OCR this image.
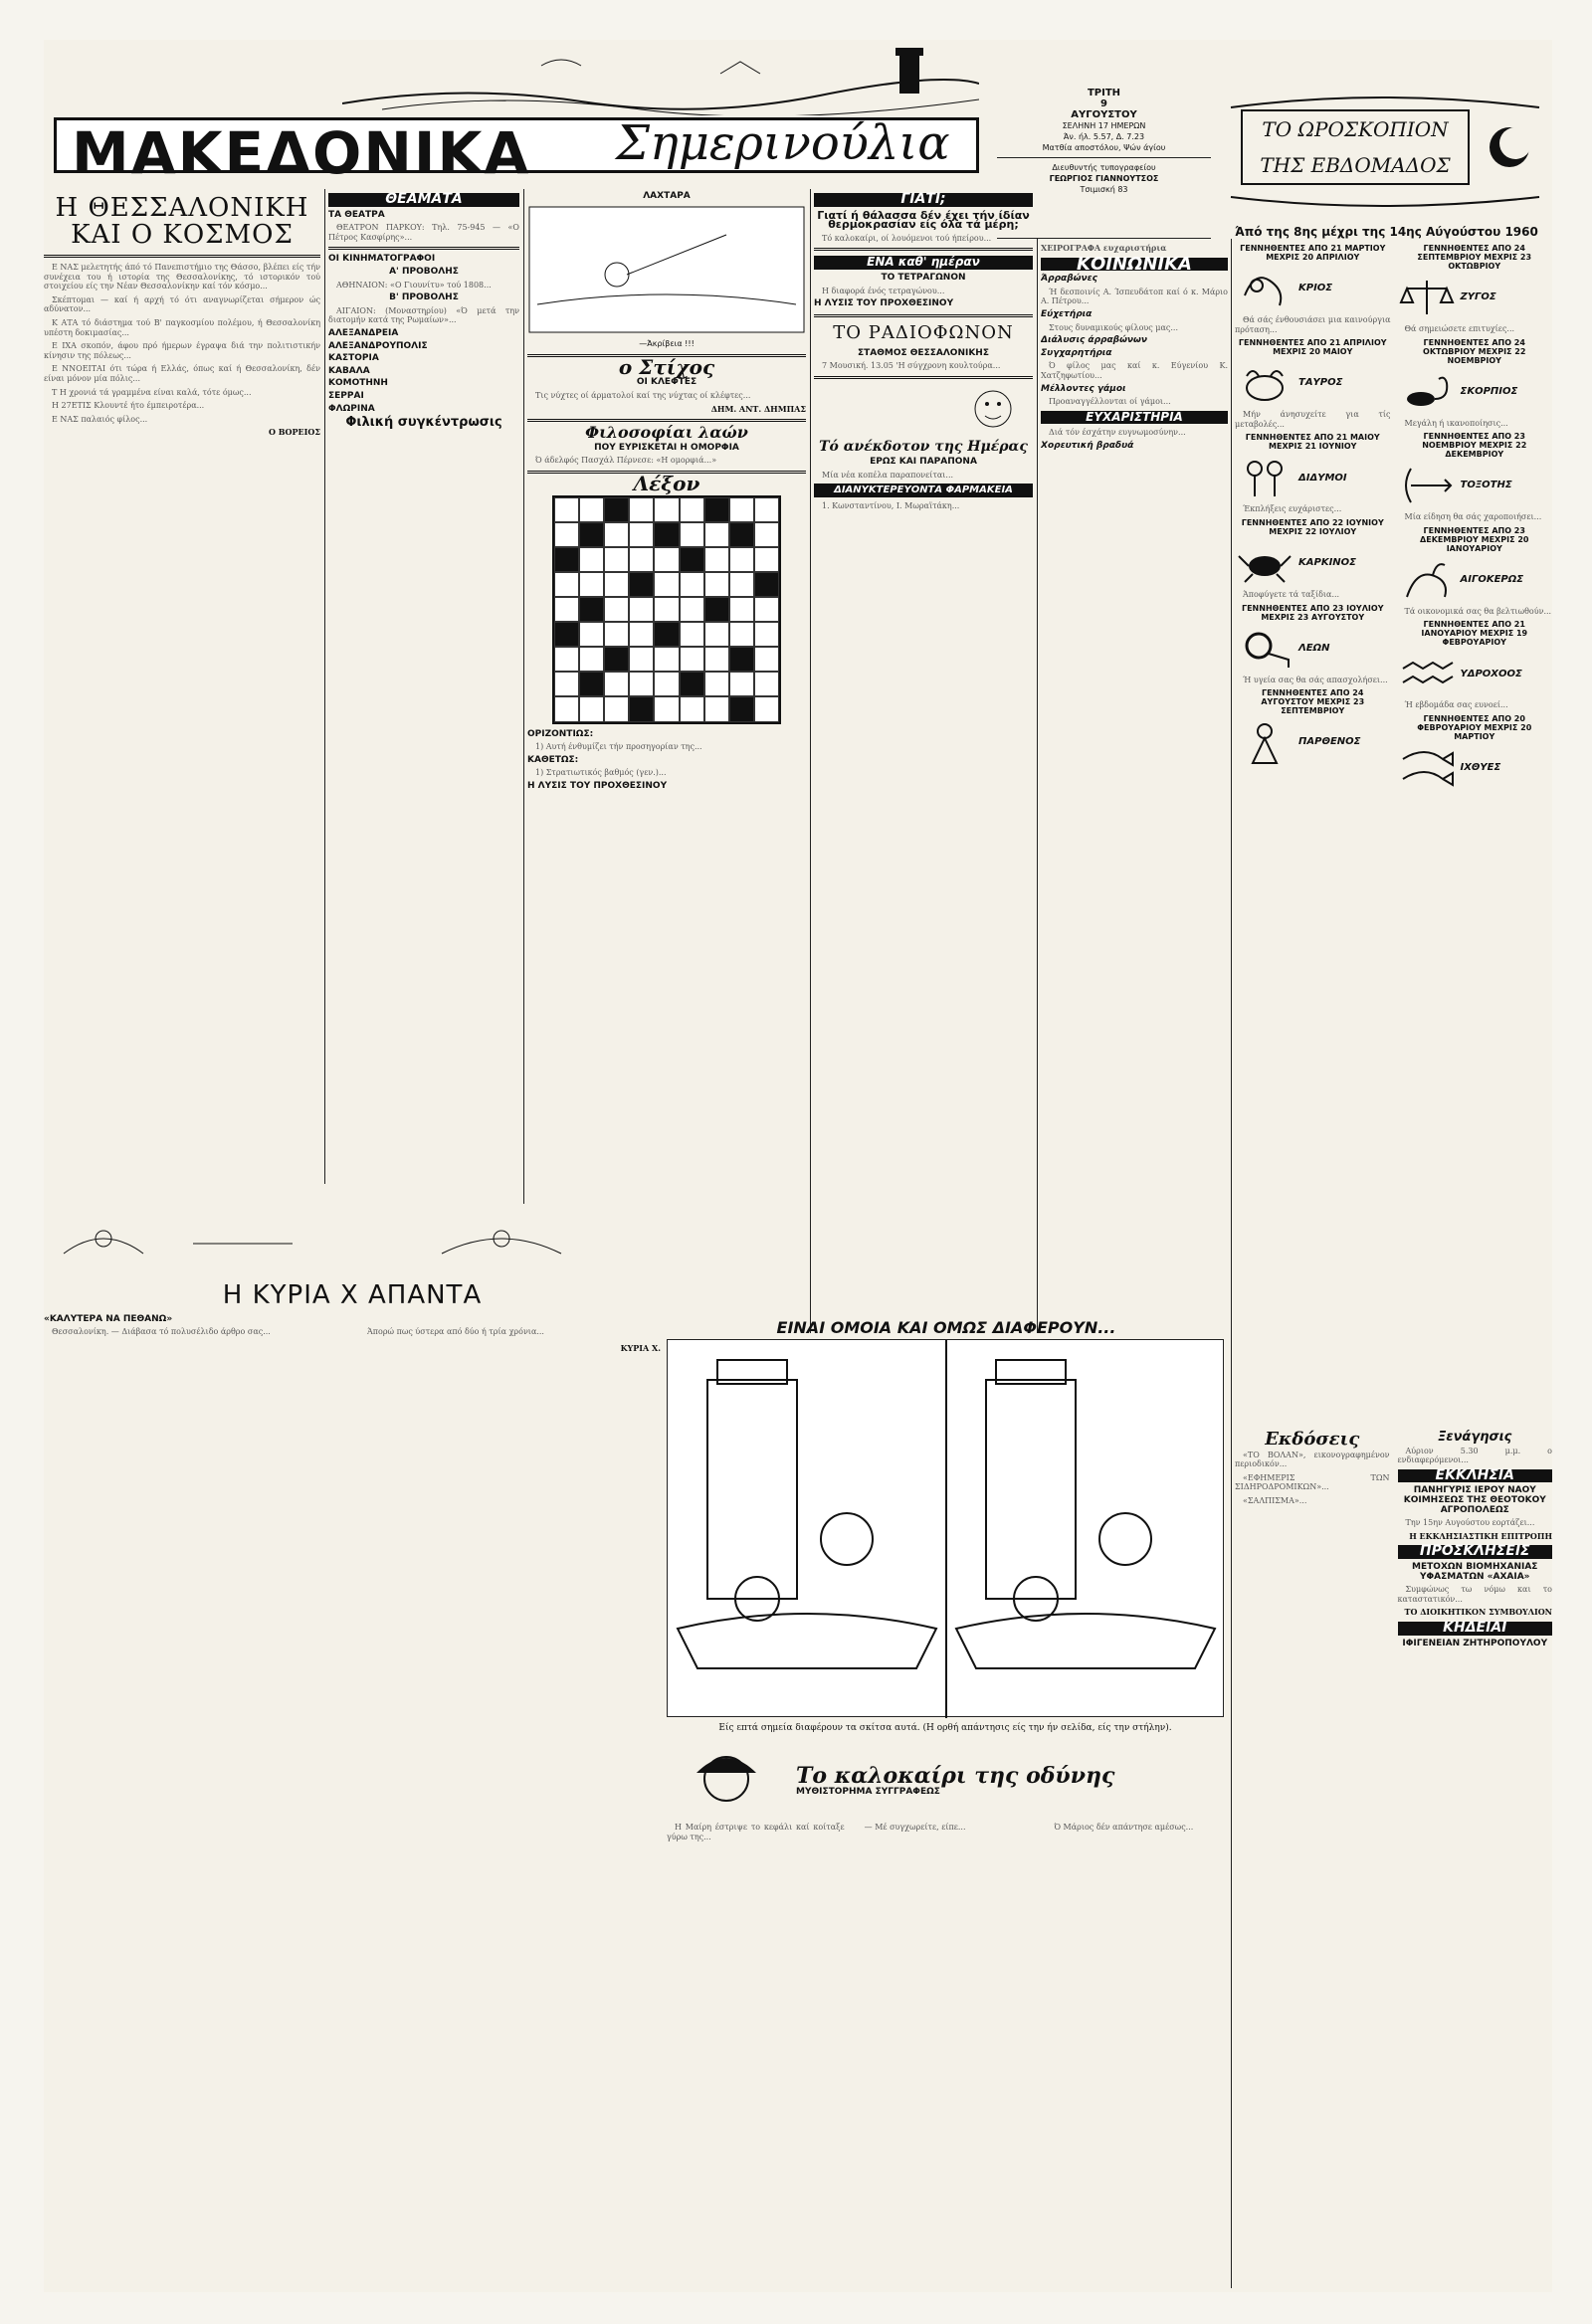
ΜΑΚΕΔΟΝΙΚΑ Σημερινούλια
ΤΡΙΤΗ
9
ΑΥΓΟΥΣΤΟΥ
ΣΕΛΗΝΗ 17 ΗΜΕΡΩΝ
Άν. ήλ. 5.57, Δ. 7.23
Ματθία αποστόλου, Ψών άγίου
Διευθυντής τυπογραφείου
ΓΕΩΡΓΙΟΣ ΓΙΑΝΝΟΥΤΣΟΣ
Τσιμισκή 83
ΤΟ ΩΡΟΣΚΟΠΙΟΝ
ΤΗΣ ΕΒΔΟΜΑΔΟΣ
Άπό της 8ης μέχρι της 14ης Αύγούστου 1960
Η ΘΕΣΣΑΛΟΝΙΚΗ ΚΑΙ Ο ΚΟΣΜΟΣ

Ε ΝΑΣ μελετητής άπό τό Πανεπιστήμιο της Θάσσο, βλέπει είς τήν συνέχεια του ή ιστορία της Θεσσαλονίκης, τό ιστορικόν τού στοιχείου είς την Νέαν Θεσσαλονίκην καί τόν κόσμο...

Σκέπτομαι — καί ή αρχή τό ότι αναγνωρίζεται σήμερον ώς αδύνατον...

Κ ΑΤΑ τό διάστημα τού Β' παγκοσμίου πολέμου, ή Θεσσαλονίκη υπέστη δοκιμασίας...

Ε ΙΧΑ σκοπόν, άφου πρό ήμερων έγραψα διά την πολιτιστικήν κίνησιν της πόλεως...

Ε ΝΝΟΕΙΤΑΙ ότι τώρα ή Ελλάς, όπως καί ή Θεσσαλονίκη, δέν είναι μόνον μία πόλις...

Τ Η χρονιά τά γραμμένα είναι καλά, τότε όμως...

Η 27ΕΤΙΣ Κλουντέ ήτο έμπειροτέρα...

Ε ΝΑΣ παλαιός φίλος...

Ο ΒΟΡΕΙΟΣ
Η ΚΥΡΙΑ Χ ΑΠΑΝΤΑ
«ΚΑΛΥΤΕΡΑ ΝΑ ΠΕΘΑΝΩ»

Θεσσαλονίκη. — Διάβασα τό πολυσέλιδο άρθρο σας...	Άπορώ πως ύστερα από δύο ή τρία χρόνια...

ΚΥΡΙΑ Χ.
ΘΕΑΜΑΤΑ
ΤΑ ΘΕΑΤΡΑ

ΘΕΑΤΡΟΝ ΠΑΡΚΟΥ: Τηλ. 75-945 — «Ο Πέτρος Κασφίρης»...

ΟΙ ΚΙΝΗΜΑΤΟΓΡΑΦΟΙ
Α' ΠΡΟΒΟΛΗΣ

ΑΘΗΝΑΙΟΝ: «Ο Γιουνίτυ» τού 1808...

Β' ΠΡΟΒΟΛΗΣ

ΑΙΓΑΙΟΝ: (Μοναστηρίου) «Ό μετά την διατομήν κατά της Ρωμαίων»...

ΑΛΕΞΑΝΔΡΕΙΑ
ΑΛΕΞΑΝΔΡΟΥΠΟΛΙΣ
ΚΑΣΤΟΡΙΑ
ΚΑΒΑΛΑ
ΚΟΜΟΤΗΝΗ
ΣΕΡΡΑΙ
ΦΛΩΡΙΝΑ
Φιλική συγκέντρωσις
ΛΑΧΤΑΡΑ
—Άκρίβεια !!!
ο Στίχος
ΟΙ ΚΛΕΦΤΕΣ

Τις νύχτες οί άρματολοί καί της νύχτας οί κλέφτες...

ΔΗΜ. ΑΝΤ. ΔΗΜΠΑΣ
Φιλοσοφίαι λαών
ΠΟΥ ΕΥΡΙΣΚΕΤΑΙ Η ΟΜΟΡΦΙΑ

Ό άδελφός Πασχάλ Πέρνεσε: «Η ομορφιά...»

Λέξον
ΟΡΙΖΟΝΤΙΩΣ:

1) Αυτή ένθυμίζει τήν προσηγορίαν της...

ΚΑΘΕΤΩΣ:

1) Στρατιωτικός βαθμός (γεν.)...

Η ΛΥΣΙΣ ΤΟΥ ΠΡΟΧΘΕΣΙΝΟΥ
ΓΙΑΤΙ;
Γιατί ή θάλασσα δέν έχει τήν ίδίαν θερμοκρασίαν είς όλα τά μέρη;

Τό καλοκαίρι, οί λουόμενοι τού ήπείρου...

ΕΝΑ καθ' ημέραν
ΤΟ ΤΕΤΡΑΓΩΝΟΝ

Η διαφορά ένός τετραγώνου...

Η ΛΥΣΙΣ ΤΟΥ ΠΡΟΧΘΕΣΙΝΟΥ
ΤΟ ΡΑΔΙΟΦΩΝΟΝ
ΣΤΑΘΜΟΣ ΘΕΣΣΑΛΟΝΙΚΗΣ

7 Μουσική. 13.05 'Η σύγχρονη κουλτούρα...

Τό ανέκδοτον της Ημέρας
ΕΡΩΣ ΚΑΙ ΠΑΡΑΠΟΝΑ

Μία νέα κοπέλα παραπονείται...

ΔΙΑΝΥΚΤΕΡΕΥΟΝΤΑ ΦΑΡΜΑΚΕΙΑ

1. Κωνσταντίνου, Ι. Μωραϊτάκη...

ΧΕΙΡΟΓΡΑΦΑ ευχαριστήρια
ΚΟΙΝΩΝΙΚΑ
Άρραβώνες

Ή δεσποινίς Α. Ίσπευδάτοπ καί ό κ. Μάριο Α. Πέτρου...

Εύχετήρια

Στους δυναμικούς φίλους μας...

Διάλυσις άρραβώνων
Συγχαρητήρια

Ό φίλος μας καί κ. Εύγενίου Κ. Χατζηφωτίου...

Μέλλοντες γάμοι

Προαναγγέλλονται οί γάμοι...

ΕΥΧΑΡΙΣΤΗΡΙΑ

Διά τόν έσχάτην ευγνωμοσύνην...

Χορευτική βραδυά
ΓΕΝΝΗΘΕΝΤΕΣ ΑΠΟ 21 ΜΑΡΤΙΟΥ ΜΕΧΡΙΣ 20 ΑΠΡΙΛΙΟΥ
ΚΡΙΟΣ

Θά σάς ένθουσιάσει μια καινούργια πρόταση...

ΓΕΝΝΗΘΕΝΤΕΣ ΑΠΟ 21 ΑΠΡΙΛΙΟΥ ΜΕΧΡΙΣ 20 ΜΑΙΟΥ
ΤΑΥΡΟΣ

Μήν άνησυχείτε για τίς μεταβολές...

ΓΕΝΝΗΘΕΝΤΕΣ ΑΠΟ 21 ΜΑΙΟΥ ΜΕΧΡΙΣ 21 ΙΟΥΝΙΟΥ
ΔΙΔΥΜΟΙ

Έκπλήξεις ευχάριστες...

ΓΕΝΝΗΘΕΝΤΕΣ ΑΠΟ 22 ΙΟΥΝΙΟΥ ΜΕΧΡΙΣ 22 ΙΟΥΛΙΟΥ
ΚΑΡΚΙΝΟΣ

Άποφύγετε τά ταξίδια...

ΓΕΝΝΗΘΕΝΤΕΣ ΑΠΟ 23 ΙΟΥΛΙΟΥ ΜΕΧΡΙΣ 23 ΑΥΓΟΥΣΤΟΥ
ΛΕΩΝ

Ή υγεία σας θα σάς απασχολήσει...

ΓΕΝΝΗΘΕΝΤΕΣ ΑΠΟ 24 ΑΥΓΟΥΣΤΟΥ ΜΕΧΡΙΣ 23 ΣΕΠΤΕΜΒΡΙΟΥ
ΠΑΡΘΕΝΟΣ
ΓΕΝΝΗΘΕΝΤΕΣ ΑΠΟ 24 ΣΕΠΤΕΜΒΡΙΟΥ ΜΕΧΡΙΣ 23 ΟΚΤΩΒΡΙΟΥ
ΖΥΓΟΣ

Θά σημειώσετε επιτυχίες...

ΓΕΝΝΗΘΕΝΤΕΣ ΑΠΟ 24 ΟΚΤΩΒΡΙΟΥ ΜΕΧΡΙΣ 22 ΝΟΕΜΒΡΙΟΥ
ΣΚΟΡΠΙΟΣ

Μεγάλη ή ικανοποίησις...

ΓΕΝΝΗΘΕΝΤΕΣ ΑΠΟ 23 ΝΟΕΜΒΡΙΟΥ ΜΕΧΡΙΣ 22 ΔΕΚΕΜΒΡΙΟΥ
ΤΟΞΟΤΗΣ

Μία είδηση θα σάς χαροποιήσει...

ΓΕΝΝΗΘΕΝΤΕΣ ΑΠΟ 23 ΔΕΚΕΜΒΡΙΟΥ ΜΕΧΡΙΣ 20 ΙΑΝΟΥΑΡΙΟΥ
ΑΙΓΟΚΕΡΩΣ

Τά οικονομικά σας θα βελτιωθούν...

ΓΕΝΝΗΘΕΝΤΕΣ ΑΠΟ 21 ΙΑΝΟΥΑΡΙΟΥ ΜΕΧΡΙΣ 19 ΦΕΒΡΟΥΑΡΙΟΥ
ΥΔΡΟΧΟΟΣ

Ή εβδομάδα σας ευνοεί...

ΓΕΝΝΗΘΕΝΤΕΣ ΑΠΟ 20 ΦΕΒΡΟΥΑΡΙΟΥ ΜΕΧΡΙΣ 20 ΜΑΡΤΙΟΥ
ΙΧΘΥΕΣ
Εκδόσεις

«ΤΟ ΒΟΛΑΝ», εικονογραφημένον περιοδικόν...

«ΕΦΗΜΕΡΙΣ ΤΩΝ ΣΙΔΗΡΟΔΡΟΜΙΚΩΝ»...

«ΣΑΛΠΙΣΜΑ»...

Ξενάγησις

Αύριον 5.30 μ.μ. ο ενδιαφερόμενοι...

ΕΚΚΛΗΣΙΑ
ΠΑΝΗΓΥΡΙΣ ΙΕΡΟΥ ΝΑΟΥ ΚΟΙΜΗΣΕΩΣ ΤΗΣ ΘΕΟΤΟΚΟΥ ΑΓΡΟΠΟΛΕΩΣ

Την 15ην Αυγούστου εορτάζει...

Η ΕΚΚΛΗΣΙΑΣΤΙΚΗ ΕΠΙΤΡΟΠΗ
ΠΡΟΣΚΛΗΣΕΙΣ
ΜΕΤΟΧΩΝ ΒΙΟΜΗΧΑΝΙΑΣ ΥΦΑΣΜΑΤΩΝ «ΑΧΑΙΑ»

Συμφώνως τω νόμω και το καταστατικόν...

ΤΟ ΔΙΟΙΚΗΤΙΚΟΝ ΣΥΜΒΟΥΛΙΟΝ
ΚΗΔΕΙΑΙ
ΙΦΙΓΕΝΕΙΑΝ ΖΗΤΗΡΟΠΟΥΛΟΥ
ΕΙΝΑΙ ΟΜΟΙΑ ΚΑΙ ΟΜΩΣ ΔΙΑΦΕΡΟΥΝ...
Είς επτά σημεία διαφέρουν τα σκίτσα αυτά. (Η ορθή απάντησις είς την ήν σελίδα, είς την στήλην).
Το καλοκαίρι της οδύνης
ΜΥΘΙΣΤΟΡΗΜΑ ΣΥΓΓΡΑΦΕΩΣ

Η Μαίρη έστριψε το κεφάλι καί κοίταξε γύρω της...

— Μέ συγχωρείτε, είπε...	Ό Μάριος δέν απάντησε αμέσως...
